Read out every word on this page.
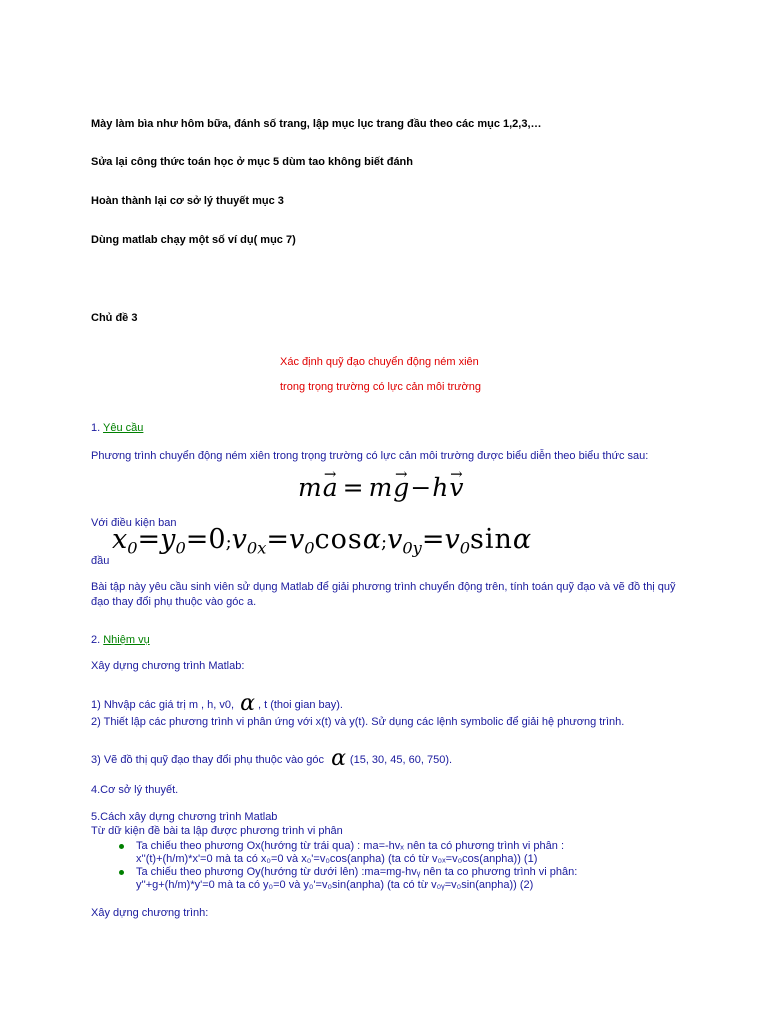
Mày làm bìa như hôm bữa, đánh số trang, lập mục lục trang đầu theo các mục 1,2,3,…
Sửa lại công thức toán học ở mục 5 dùm tao không biết đánh
Hoàn thành lại cơ sở lý thuyết mục 3
Dùng matlab chạy một số ví dụ( mục 7)
Chủ đề 3
Xác định quỹ đạo chuyển động ném xiên
trong trọng trường có lực cản môi trường
1. Yêu cầu
Phương trình chuyển động ném xiên trong trọng trường có lực cản môi trường được biểu diễn theo biểu thức sau:
m→ a = m→ g−h→ v
Với điều kiện ban
đầu
$x_0=y_0=0;v_{0x}=v_0\cos\alpha;v_{0y}=v_0\sin\alpha$
Bài tập này yêu cầu sinh viên sử dụng Matlab để giải phương trình chuyển động trên, tính toán quỹ đạo và vẽ đồ thị quỹ đạo thay đổi phụ thuộc vào góc a.
2. Nhiệm vụ
Xây dựng chương trình Matlab:
1) Nhvập các giá trị m , h, v0, α , t (thoi gian bay).
2) Thiết lập các phương trình vi phân ứng với x(t) và y(t). Sử dụng các lệnh symbolic để giải hệ phương trình.
3) Vẽ đồ thị quỹ đạo thay đổi phụ thuộc vào góc α (15, 30, 45, 60, 750).
4.Cơ sở lý thuyết.
5.Cách xây dựng chương trình Matlab
Từ dữ kiện đề bài ta lập được phương trình vi phân
Ta chiếu theo phương Ox(hướng từ trái qua) : ma=-hvₓ nên ta có phương trình vi phân :
x''(t)+(h/m)*x'=0 mà ta có x₀=0 và x₀'=v₀cos(anpha) (ta có từ v₀ₓ=v₀cos(anpha)) (1)
Ta chiếu theo phương Oy(hướng từ dưới lên) :ma=mg-hvᵧ nên ta co phương trình vi phân:
y''+g+(h/m)*y'=0 mà ta có y₀=0 và y₀'=v₀sin(anpha) (ta có từ v₀ᵧ=v₀sin(anpha)) (2)
Xây dựng chương trình:
